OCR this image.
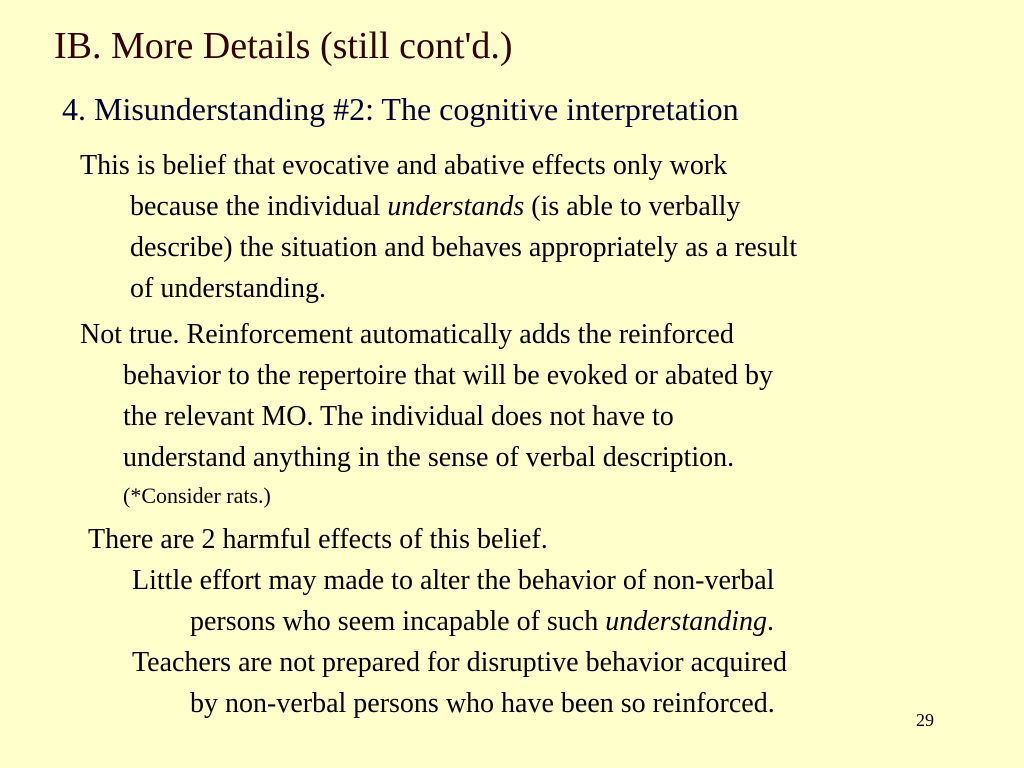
IB. More Details (still cont'd.)
4. Misunderstanding #2: The cognitive interpretation
This is belief that evocative and abative effects only work
because the individual understands (is able to verbally
describe) the situation and behaves appropriately as a result
of understanding.
Not true. Reinforcement automatically adds the reinforced
behavior to the repertoire that will be evoked or abated by
the relevant MO. The individual does not have to
understand anything in the sense of verbal description.
(*Consider rats.)
There are 2 harmful effects of this belief.
Little effort may made to alter the behavior of non-verbal
persons who seem incapable of such understanding.
Teachers are not prepared for disruptive behavior acquired
by non-verbal persons who have been so reinforced.
29
